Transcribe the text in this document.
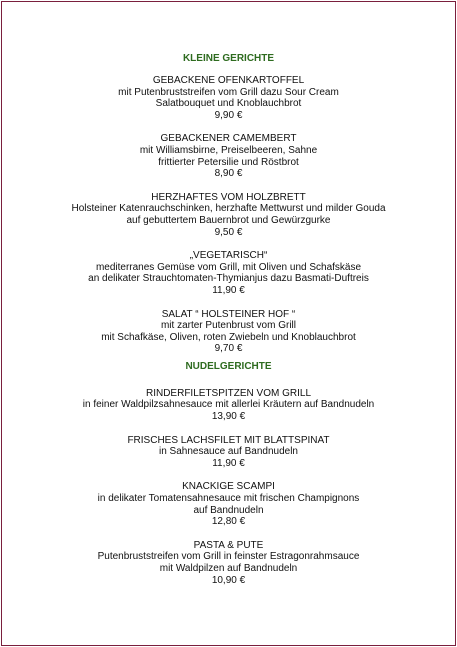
KLEINE GERICHTE
GEBACKENE OFENKARTOFFEL
mit Putenbruststreifen vom Grill dazu Sour Cream
Salatbouquet und Knoblauchbrot
9,90 €
GEBACKENER CAMEMBERT
mit Williamsbirne, Preiselbeeren, Sahne
frittierter Petersilie und Röstbrot
8,90 €
HERZHAFTES VOM HOLZBRETT
Holsteiner Katenrauchschinken, herzhafte Mettwurst und milder Gouda
auf gebuttertem Bauernbrot und Gewürzgurke
9,50 €
„VEGETARISCH“
mediterranes Gemüse vom Grill, mit Oliven und Schafskäse
an delikater Strauchtomaten-Thymianjus dazu Basmati-Duftreis
11,90 €
SALAT “ HOLSTEINER HOF “
mit zarter Putenbrust vom Grill
mit Schafkäse, Oliven, roten Zwiebeln und Knoblauchbrot
9,70 €
NUDELGERICHTE
RINDERFILETSPITZEN VOM GRILL
in feiner Waldpilzsahnesauce mit allerlei Kräutern auf Bandnudeln
13,90 €
FRISCHES LACHSFILET MIT BLATTSPINAT
in Sahnesauce auf Bandnudeln
11,90 €
KNACKIGE SCAMPI
in delikater Tomatensahnesauce mit frischen Champignons
auf Bandnudeln
12,80 €
PASTA & PUTE
Putenbruststreifen vom Grill in feinster Estragonrahmsauce
mit Waldpilzen auf Bandnudeln
10,90 €
